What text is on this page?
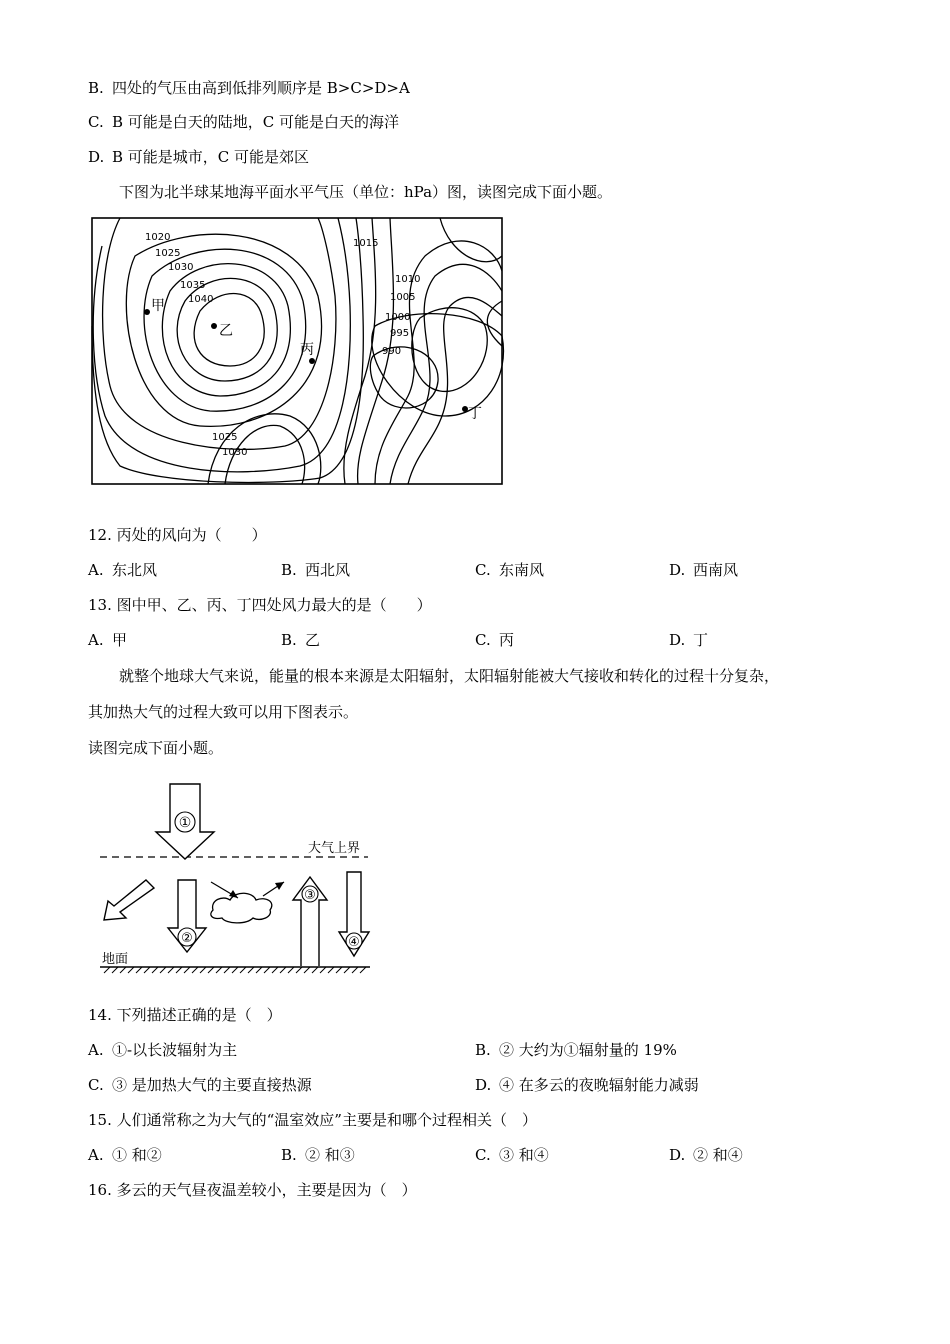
B. 四处的气压由高到低排列顺序是 B>C>D>A
C. B 可能是白天的陆地，C 可能是白天的海洋
D. B 可能是城市，C 可能是郊区
下图为北半球某地海平面水平气压（单位：hPa）图，读图完成下面小题。
1020
1025
1030
1035
1040
1015
1010
1005
1000
995
990
1025
1030
甲
乙
丙
丁
12. 丙处的风向为（　　）
A. 东北风	B. 西北风	C. 东南风	D. 西南风
13. 图中甲、乙、丙、丁四处风力最大的是（　　）
A. 甲	B. 乙	C. 丙	D. 丁
就整个地球大气来说，能量的根本来源是太阳辐射，太阳辐射能被大气接收和转化的过程十分复杂，
其加热大气的过程大致可以用下图表示。
读图完成下面小题。
大气上界
①
②
③
④
地面
14. 下列描述正确的是（　）
A. ①-以长波辐射为主	B. ② 大约为①辐射量的 19%
C. ③ 是加热大气的主要直接热源	D. ④ 在多云的夜晚辐射能力减弱
15. 人们通常称之为大气的“温室效应”主要是和哪个过程相关（　）
A. ① 和②	B. ② 和③	C. ③ 和④	D. ② 和④
16. 多云的天气昼夜温差较小，主要是因为（　）
